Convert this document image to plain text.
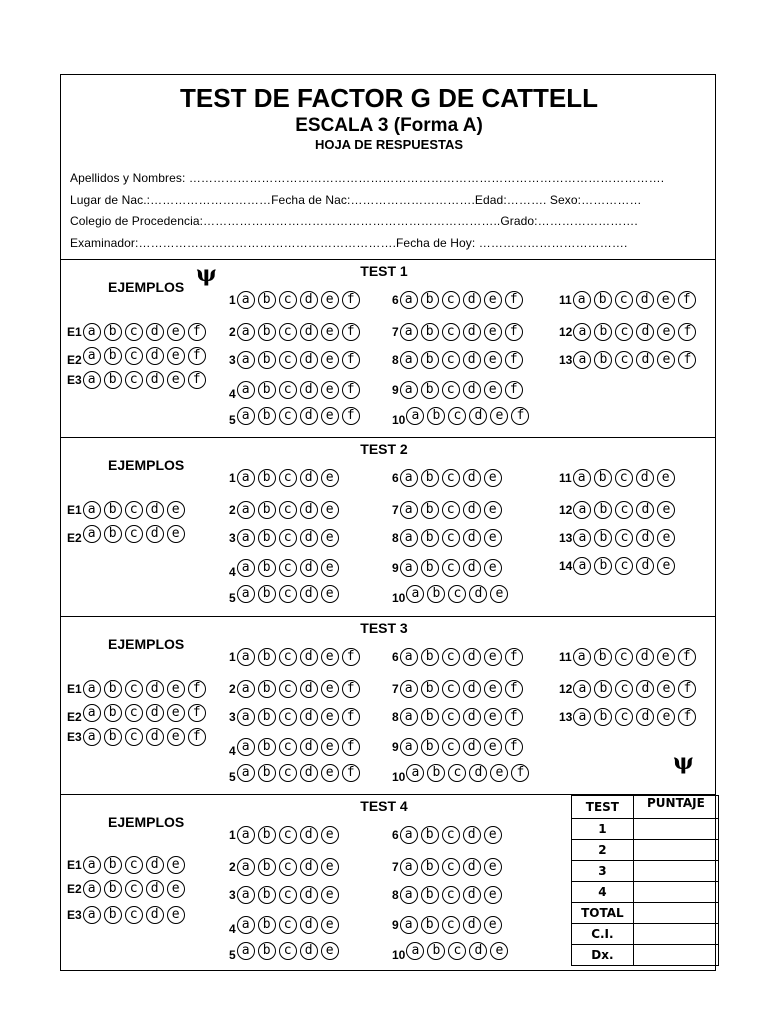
TEST DE FACTOR G DE CATTELL
ESCALA 3 (Forma A)
HOJA DE RESPUESTAS
Apellidos y Nombres: ……………………………………………………………………………………………………….
Lugar de Nac.:…………………………Fecha de Nac:………………………….Edad:………. Sexo:……………
Colegio de Procedencia:………………………………………………………………..Grado:…………………….
Examinador:……………………………………………………….Fecha de Hoy: ……………………………….
TEST 1
EJEMPLOS
E1 a	b	c	d	e	f
E2 a	b	c	d	e	f
E3 a	b	c	d	e	f
1 a	b	c	d	e	f
2 a	b	c	d	e	f
3 a	b	c	d	e	f
4 a	b	c	d	e	f
5 a	b	c	d	e	f
6 a	b	c	d	e	f
7 a	b	c	d	e	f
8 a	b	c	d	e	f
9 a	b	c	d	e	f
10 a	b	c	d	e	f
11 a	b	c	d	e	f
12 a	b	c	d	e	f
13 a	b	c	d	e	f
TEST 2
EJEMPLOS
E1 a	b	c	d	e
E2 a	b	c	d	e
1 a	b	c	d	e
2 a	b	c	d	e
3 a	b	c	d	e
4 a	b	c	d	e
5 a	b	c	d	e
6 a	b	c	d	e
7 a	b	c	d	e
8 a	b	c	d	e
9 a	b	c	d	e
10 a	b	c	d	e
11 a	b	c	d	e
12 a	b	c	d	e
13 a	b	c	d	e
14 a	b	c	d	e
TEST 3
EJEMPLOS
E1 a	b	c	d	e	f
E2 a	b	c	d	e	f
E3 a	b	c	d	e	f
1 a	b	c	d	e	f
2 a	b	c	d	e	f
3 a	b	c	d	e	f
4 a	b	c	d	e	f
5 a	b	c	d	e	f
6 a	b	c	d	e	f
7 a	b	c	d	e	f
8 a	b	c	d	e	f
9 a	b	c	d	e	f
10 a	b	c	d	e	f
11 a	b	c	d	e	f
12 a	b	c	d	e	f
13 a	b	c	d	e	f
TEST 4
EJEMPLOS
E1 a	b	c	d	e
E2 a	b	c	d	e
E3 a	b	c	d	e
1 a	b	c	d	e
2 a	b	c	d	e
3 a	b	c	d	e
4 a	b	c	d	e
5 a	b	c	d	e
6 a	b	c	d	e
7 a	b	c	d	e
8 a	b	c	d	e
9 a	b	c	d	e
10 a	b	c	d	e
ψ
ψ
TEST	PUNTAJE
1	
2	
3	
4	
TOTAL	
C.I.	
Dx.	
